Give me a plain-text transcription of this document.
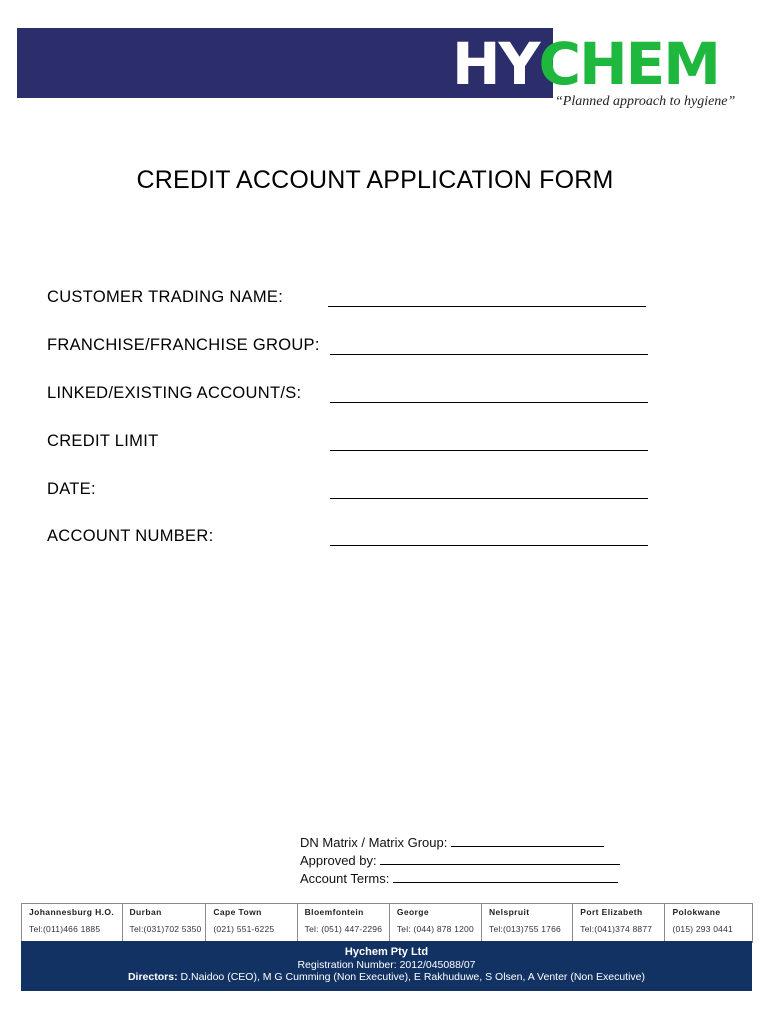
HY CHEM
“Planned approach to hygiene”
CREDIT ACCOUNT APPLICATION FORM
CUSTOMER TRADING NAME:
FRANCHISE/FRANCHISE GROUP:
LINKED/EXISTING ACCOUNT/S:
CREDIT LIMIT
DATE:
ACCOUNT NUMBER:
DN Matrix / Matrix Group:
Approved by:
Account Terms:
Johannesburg H.O.
Tel:(011)466 1885
Durban
Tel:(031)702 5350
Cape Town
(021) 551-6225
Bloemfontein
Tel: (051) 447-2296
George
Tel: (044) 878 1200
Nelspruit
Tel:(013)755 1766
Port Elizabeth
Tel:(041)374 8877
Polokwane
(015) 293 0441
Hychem Pty Ltd
Registration Number: 2012/045088/07
Directors: D.Naidoo (CEO), M G Cumming (Non Executive), E Rakhuduwe, S Olsen, A Venter (Non Executive)
